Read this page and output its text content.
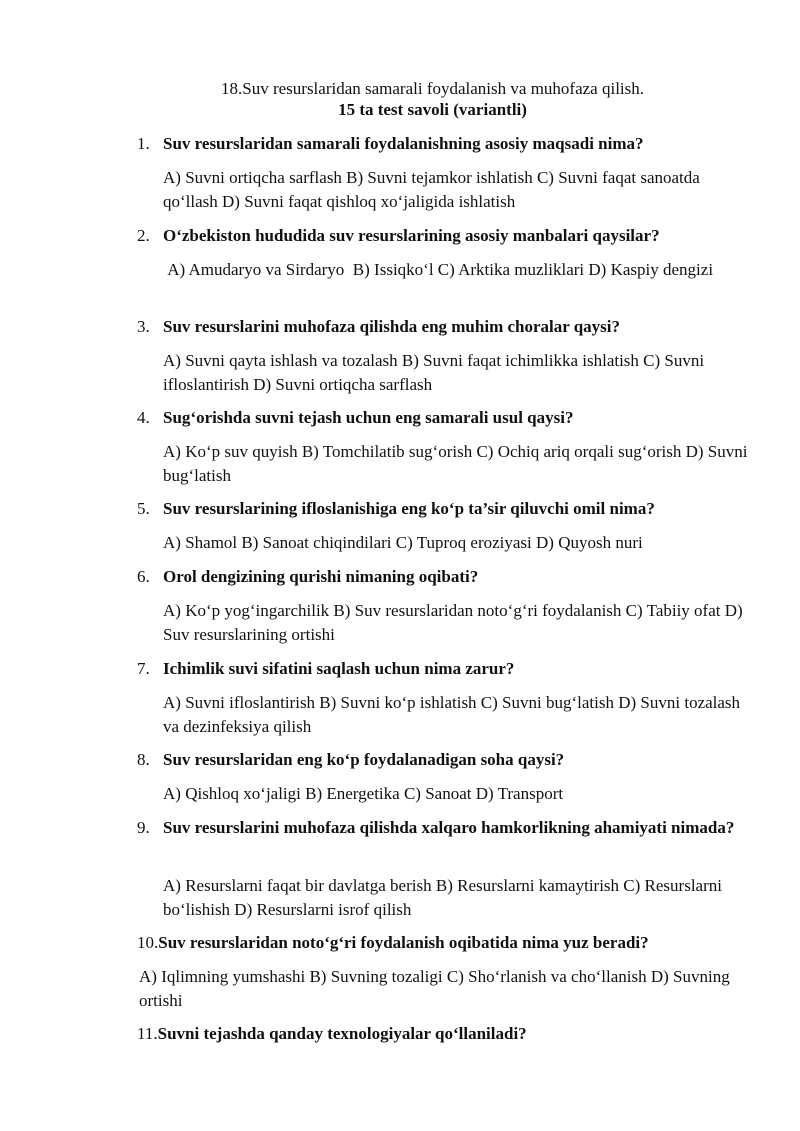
18.Suv resurslaridan samarali foydalanish va muhofaza qilish.
15 ta test savoli (variantli)
1. Suv resurslaridan samarali foydalanishning asosiy maqsadi nima?
A) Suvni ortiqcha sarflash B) Suvni tejamkor ishlatish C) Suvni faqat sanoatda qo‘llash D) Suvni faqat qishloq xo‘jaligida ishlatish
2. O‘zbekiston hududida suv resurslarining asosiy manbalari qaysilar?
A) Amudaryo va Sirdaryo  B) Issiqko‘l C) Arktika muzliklari D) Kaspiy dengizi
3. Suv resurslarini muhofaza qilishda eng muhim choralar qaysi?
A) Suvni qayta ishlash va tozalash B) Suvni faqat ichimlikka ishlatish C) Suvni ifloslantirish D) Suvni ortiqcha sarflash
4. Sug‘orishda suvni tejash uchun eng samarali usul qaysi?
A) Ko‘p suv quyish B) Tomchilatib sug‘orish C) Ochiq ariq orqali sug‘orish D) Suvni bug‘latish
5. Suv resurslarining ifloslanishiga eng ko‘p ta’sir qiluvchi omil nima?
A) Shamol B) Sanoat chiqindilari C) Tuproq eroziyasi D) Quyosh nuri
6. Orol dengizining qurishi nimaning oqibati?
A) Ko‘p yog‘ingarchilik B) Suv resurslaridan noto‘g‘ri foydalanish C) Tabiiy ofat D) Suv resurslarining ortishi
7. Ichimlik suvi sifatini saqlash uchun nima zarur?
A) Suvni ifloslantirish B) Suvni ko‘p ishlatish C) Suvni bug‘latish D) Suvni tozalash va dezinfeksiya qilish
8. Suv resurslaridan eng ko‘p foydalanadigan soha qaysi?
A) Qishloq xo‘jaligi B) Energetika C) Sanoat D) Transport
9. Suv resurslarini muhofaza qilishda xalqaro hamkorlikning ahamiyati nimada?
A) Resurslarni faqat bir davlatga berish B) Resurslarni kamaytirish C) Resurslarni bo‘lishish D) Resurslarni isrof qilish
10. Suv resurslaridan noto‘g‘ri foydalanish oqibatida nima yuz beradi?
A) Iqlimning yumshashi B) Suvning tozaligi C) Sho‘rlanish va cho‘llanish D) Suvning ortishi
11. Suvni tejashda qanday texnologiyalar qo‘llaniladi?
